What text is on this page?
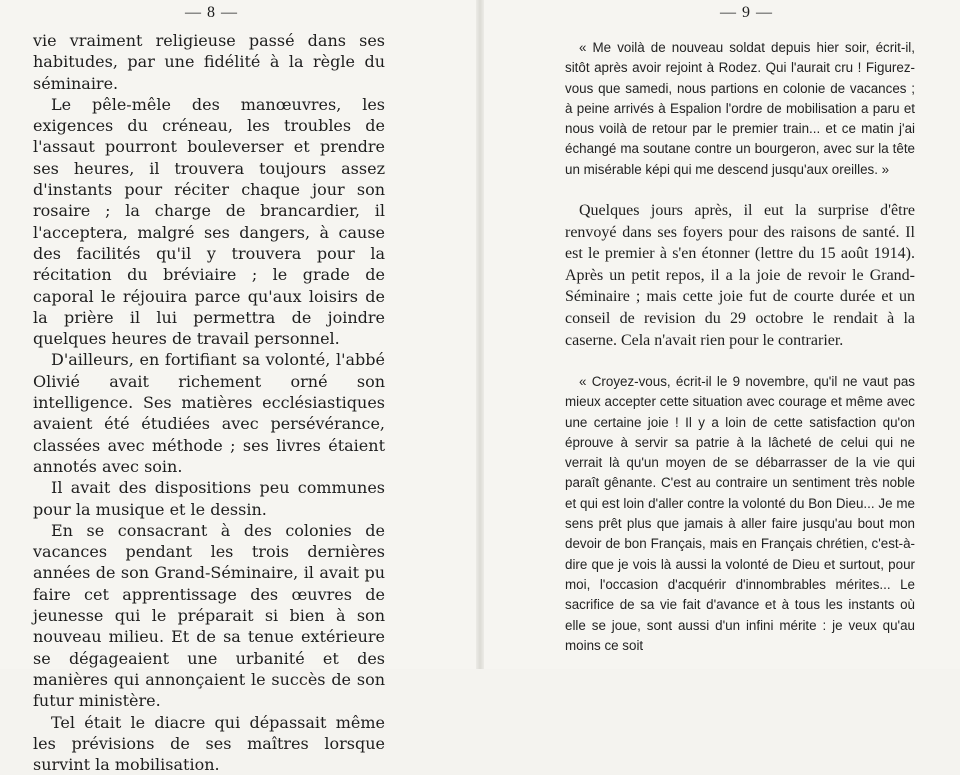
— 8 —

vie vraiment religieuse passé dans ses habitudes, par une fidélité à la règle du séminaire.

Le pêle-mêle des manœuvres, les exigences du créneau, les troubles de l'assaut pourront bouleverser et prendre ses heures, il trouvera toujours assez d'instants pour réciter chaque jour son rosaire ; la charge de brancardier, il l'acceptera, malgré ses dangers, à cause des facilités qu'il y trouvera pour la récitation du bréviaire ; le grade de caporal le réjouira parce qu'aux loisirs de la prière il lui permettra de joindre quelques heures de travail personnel.

D'ailleurs, en fortifiant sa volonté, l'abbé Olivié avait richement orné son intelligence. Ses matières ecclésiastiques avaient été étudiées avec persévérance, classées avec méthode ; ses livres étaient annotés avec soin.

Il avait des dispositions peu communes pour la musique et le dessin.

En se consacrant à des colonies de vacances pendant les trois dernières années de son Grand-Séminaire, il avait pu faire cet apprentissage des œuvres de jeunesse qui le préparait si bien à son nouveau milieu. Et de sa tenue extérieure se dégageaient une urbanité et des manières qui annonçaient le succès de son futur ministère.

Tel était le diacre qui dépassait même les prévisions de ses maîtres lorsque survint la mobilisation.

— 9 —

« Me voilà de nouveau soldat depuis hier soir, écrit-il, sitôt après avoir rejoint à Rodez. Qui l'aurait cru ! Figurez-vous que samedi, nous partions en colonie de vacances ; à peine arrivés à Espalion l'ordre de mobilisation a paru et nous voilà de retour par le premier train... et ce matin j'ai échangé ma soutane contre un bourgeron, avec sur la tête un misérable képi qui me descend jusqu'aux oreilles. »

Quelques jours après, il eut la surprise d'être renvoyé dans ses foyers pour des raisons de santé. Il est le premier à s'en étonner (lettre du 15 août 1914). Après un petit repos, il a la joie de revoir le Grand-Séminaire ; mais cette joie fut de courte durée et un conseil de revision du 29 octobre le rendait à la caserne. Cela n'avait rien pour le contrarier.

« Croyez-vous, écrit-il le 9 novembre, qu'il ne vaut pas mieux accepter cette situation avec courage et même avec une certaine joie ! Il y a loin de cette satisfaction qu'on éprouve à servir sa patrie à la lâcheté de celui qui ne verrait là qu'un moyen de se débarrasser de la vie qui paraît gênante. C'est au contraire un sentiment très noble et qui est loin d'aller contre la volonté du Bon Dieu... Je me sens prêt plus que jamais à aller faire jusqu'au bout mon devoir de bon Français, mais en Français chrétien, c'est-à-dire que je vois là aussi la volonté de Dieu et surtout, pour moi, l'occasion d'acquérir d'innombrables mérites... Le sacrifice de sa vie fait d'avance et à tous les instants où elle se joue, sont aussi d'un infini mérite : je veux qu'au moins ce soit
